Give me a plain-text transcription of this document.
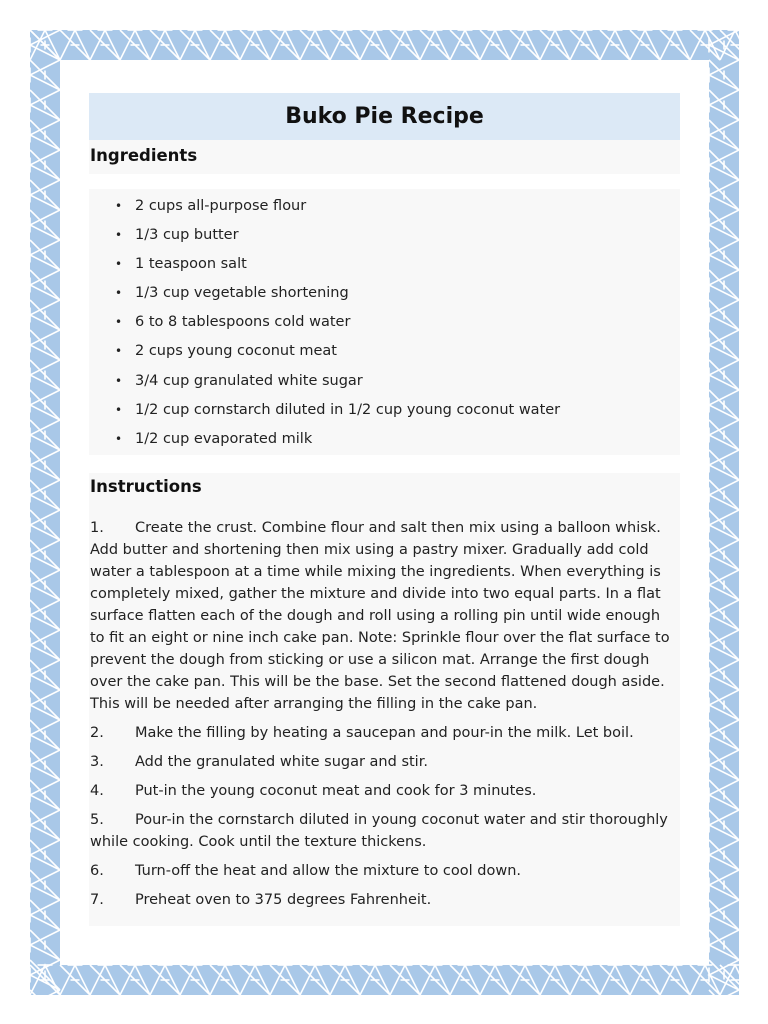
Buko Pie Recipe
Ingredients
• 2 cups all-purpose flour
• 1/3 cup butter
• 1 teaspoon salt
• 1/3 cup vegetable shortening
• 6 to 8 tablespoons cold water
• 2 cups young coconut meat
• 3/4 cup granulated white sugar
• 1/2 cup cornstarch diluted in 1/2 cup young coconut water
• 1/2 cup evaporated milk
Instructions

1. Create the crust. Combine flour and salt then mix using a balloon whisk. Add butter and shortening then mix using a pastry mixer. Gradually add cold water a tablespoon at a time while mixing the ingredients. When everything is completely mixed, gather the mixture and divide into two equal parts. In a flat surface flatten each of the dough and roll using a rolling pin until wide enough to fit an eight or nine inch cake pan. Note: Sprinkle flour over the flat surface to prevent the dough from sticking or use a silicon mat. Arrange the first dough over the cake pan. This will be the base. Set the second flattened dough aside. This will be needed after arranging the filling in the cake pan.

2. Make the filling by heating a saucepan and pour-in the milk. Let boil.

3. Add the granulated white sugar and stir.

4. Put-in the young coconut meat and cook for 3 minutes.

5. Pour-in the cornstarch diluted in young coconut water and stir thoroughly while cooking. Cook until the texture thickens.

6. Turn-off the heat and allow the mixture to cool down.

7. Preheat oven to 375 degrees Fahrenheit.
